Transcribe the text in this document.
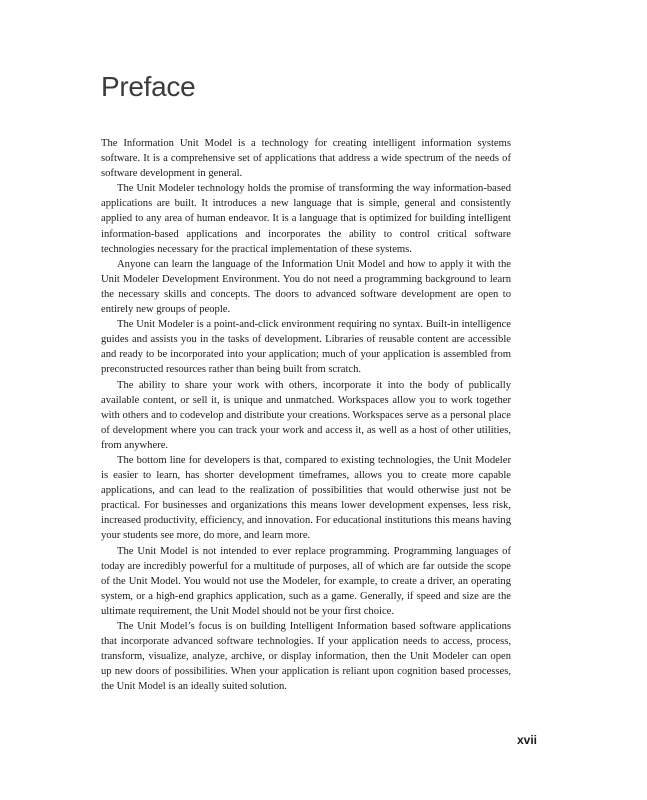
Preface

The Information Unit Model is a technology for creating intelligent information systems software. It is a comprehensive set of applications that address a wide spectrum of the needs of software development in general.

The Unit Modeler technology holds the promise of transforming the way information-based applications are built. It introduces a new language that is simple, general and consistently applied to any area of human endeavor. It is a language that is optimized for building intelligent information-based applications and incorporates the ability to control critical software technologies necessary for the practical implementation of these systems.

Anyone can learn the language of the Information Unit Model and how to apply it with the Unit Modeler Development Environment. You do not need a programming background to learn the necessary skills and concepts. The doors to advanced software development are open to entirely new groups of people.

The Unit Modeler is a point-and-click environment requiring no syntax. Built-in intelligence guides and assists you in the tasks of development. Libraries of reusable content are accessible and ready to be incorporated into your application; much of your application is assembled from preconstructed resources rather than being built from scratch.

The ability to share your work with others, incorporate it into the body of publically available content, or sell it, is unique and unmatched. Workspaces allow you to work together with others and to codevelop and distribute your creations. Workspaces serve as a personal place of development where you can track your work and access it, as well as a host of other utilities, from anywhere.

The bottom line for developers is that, compared to existing technologies, the Unit Modeler is easier to learn, has shorter development timeframes, allows you to create more capable applications, and can lead to the realization of possibilities that would otherwise just not be practical. For businesses and organizations this means lower development expenses, less risk, increased productivity, efficiency, and innovation. For educational institutions this means having your students see more, do more, and learn more.

The Unit Model is not intended to ever replace programming. Programming languages of today are incredibly powerful for a multitude of purposes, all of which are far outside the scope of the Unit Model. You would not use the Modeler, for example, to create a driver, an operating system, or a high-end graphics application, such as a game. Generally, if speed and size are the ultimate requirement, the Unit Model should not be your first choice.

The Unit Model’s focus is on building Intelligent Information based software applications that incorporate advanced software technologies. If your application needs to access, process, transform, visualize, analyze, archive, or display information, then the Unit Modeler can open up new doors of possibilities. When your application is reliant upon cognition based processes, the Unit Model is an ideally suited solution.

xvii
